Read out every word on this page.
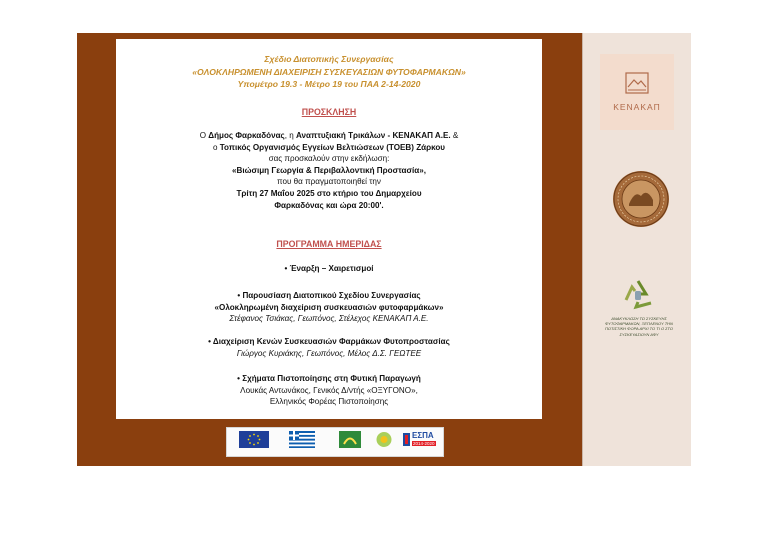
Σχέδιο Διατοπικής Συνεργασίας
«ΟΛΟΚΛΗΡΩΜΕΝΗ ΔΙΑΧΕΙΡΙΣΗ ΣΥΣΚΕΥΑΣΙΩΝ ΦΥΤΟΦΑΡΜΑΚΩΝ»
Υπομέτρο 19.3 - Μέτρο 19 του ΠΑΑ 2-14-2020
ΠΡΟΣΚΛΗΣΗ
Ο Δήμος Φαρκαδόνας, η Αναπτυξιακή Τρικάλων - ΚΕΝΑΚΑΠ Α.Ε. &
ο Τοπικός Οργανισμός Εγγείων Βελτιώσεων (ΤΟΕΒ) Ζάρκου
σας προσκαλούν στην εκδήλωση:
«Βιώσιμη Γεωργία & Περιβαλλοντική Προστασία»,
που θα πραγματοποιηθεί την
Τρίτη 27 Μαΐου 2025 στο κτήριο του Δημαρχείου
Φαρκαδόνας και ώρα 20:00'.
ΠΡΟΓΡΑΜΜΑ ΗΜΕΡΙΔΑΣ
• Έναρξη – Χαιρετισμοί
• Παρουσίαση Διατοπικού Σχεδίου Συνεργασίας
«Ολοκληρωμένη διαχείριση συσκευασιών φυτοφαρμάκων»
Στέφανος Τσιάκας, Γεωπόνος, Στέλεχος ΚΕΝΑΚΑΠ Α.Ε.
• Διαχείριση Κενών Συσκευασιών Φαρμάκων Φυτοπροστασίας
Γιώργος Κυριάκης, Γεωπόνος, Μέλος Δ.Σ. ΓΕΩΤΕΕ
• Σχήματα Πιστοποίησης στη Φυτική Παραγωγή
Λουκάς Αντωνάκος, Γενικός Δ/ντής «ΟΞΥΓΟΝΟ»,
Ελληνικός Φορέας Πιστοποίησης
ΕΣΠΑ
2014-2020
ΚΕΝΑΚΑΠ
ΑΝΑΚΥΚΛΩΣΗ ΤΩ ΣΥΣΚΕΥΗΣ ΦΥΤΟΦΑΡΜΑΚΩΝ, ΞΕΠΛΕΝΟΥ ΤΗΝ ΠΟΤΙΣΤΙΚΗ ΦΟΡΑ ΑΡΧΙ ΤΟ ΤΙ Ο ΣΤΟ ΣΥΣΚΕΥΑΣΙΟΥΝ ΑΦΥ
